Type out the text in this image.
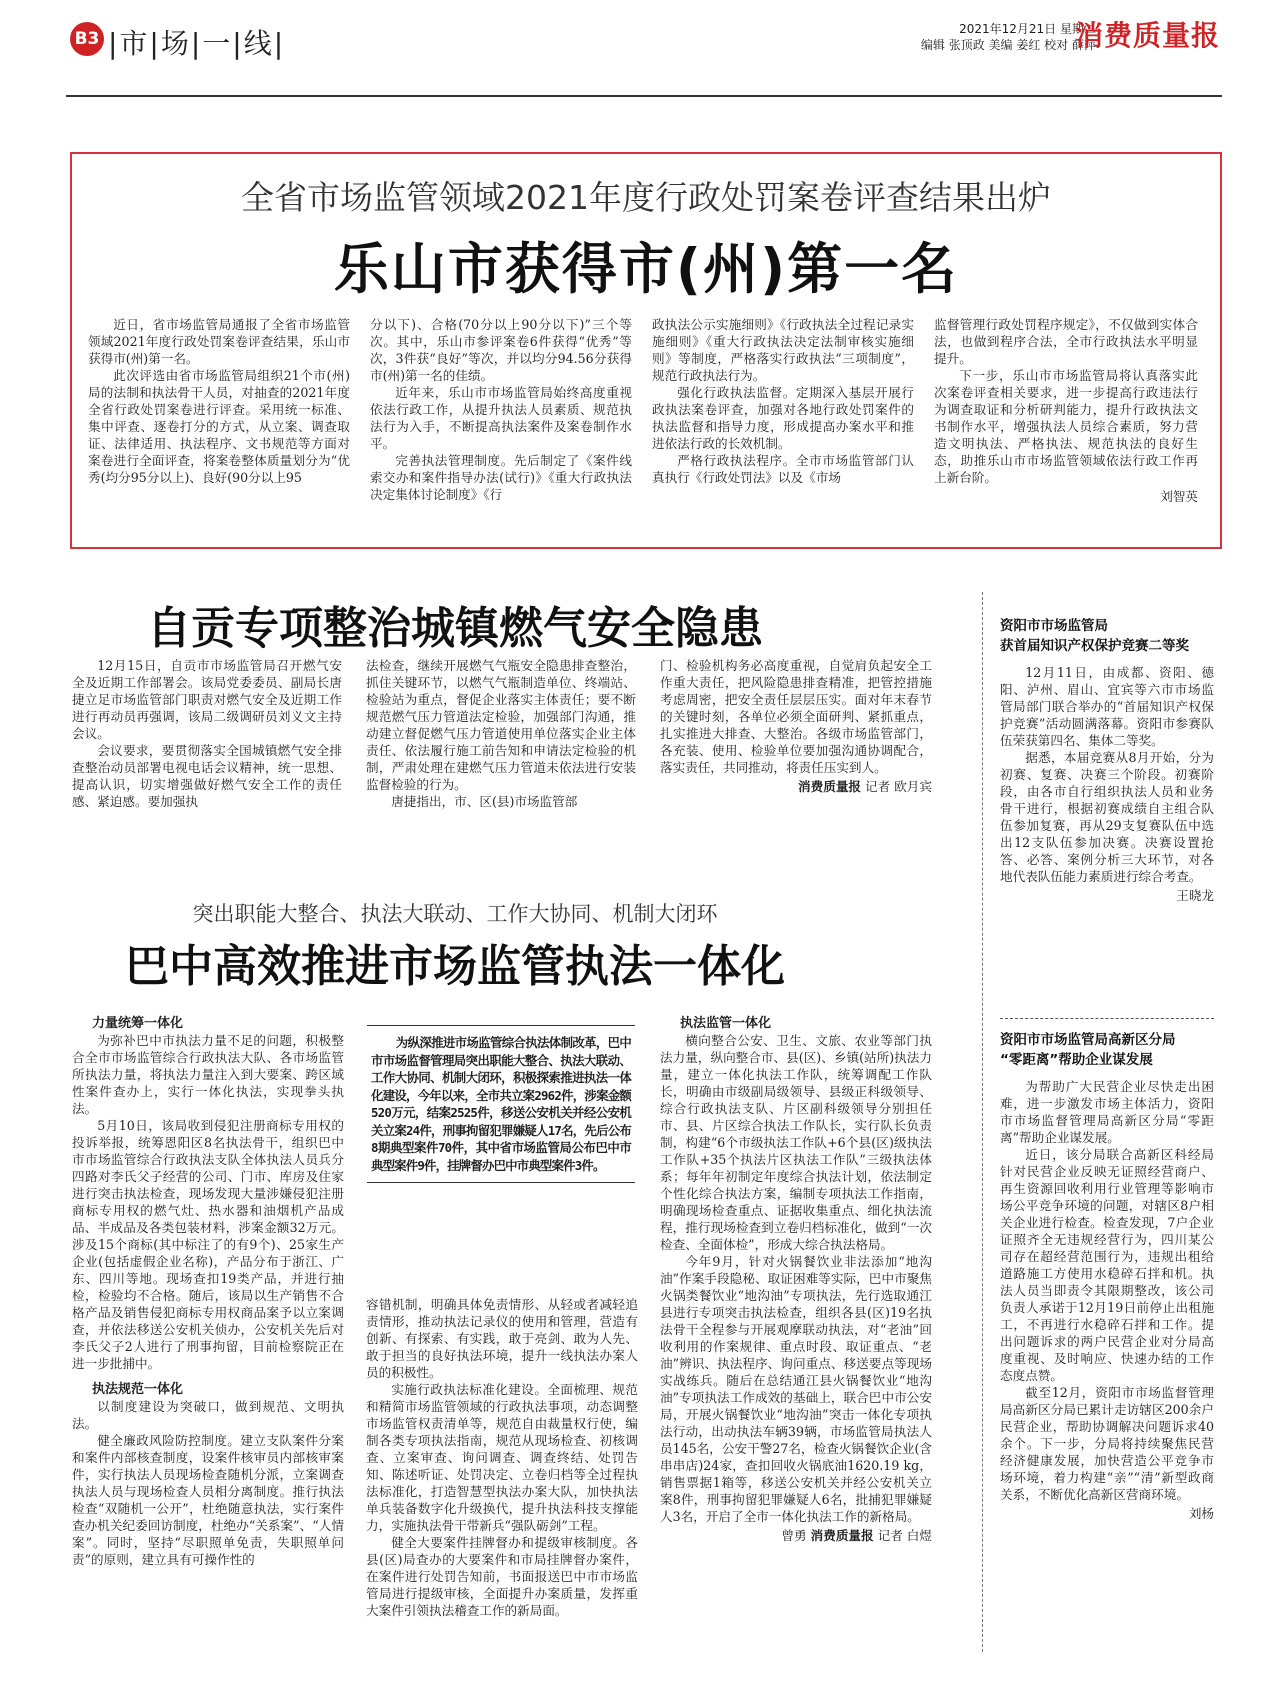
B3 |市|场|一|线|	2021年12月21日 星期二
编辑 张顶政 美编 姜红 校对 薛萍
消费质量报
全省市场监管领域2021年度行政处罚案卷评查结果出炉
乐山市获得市(州)第一名

近日，省市场监管局通报了全省市场监管领域2021年度行政处罚案卷评查结果，乐山市获得市(州)第一名。

此次评选由省市场监管局组织21个市(州)局的法制和执法骨干人员，对抽查的2021年度全省行政处罚案卷进行评查。采用统一标准、集中评查、逐卷打分的方式，从立案、调查取证、法律适用、执法程序、文书规范等方面对案卷进行全面评查，将案卷整体质量划分为“优秀(均分95分以上)、良好(90分以上95

分以下)、合格(70分以上90分以下)”三个等次。其中，乐山市参评案卷6件获得“优秀”等次，3件获“良好”等次，并以均分94.56分获得市(州)第一名的佳绩。

近年来，乐山市市场监管局始终高度重视依法行政工作，从提升执法人员素质、规范执法行为入手，不断提高执法案件及案卷制作水平。

完善执法管理制度。先后制定了《案件线索交办和案件指导办法(试行)》《重大行政执法决定集体讨论制度》《行

政执法公示实施细则》《行政执法全过程记录实施细则》《重大行政执法决定法制审核实施细则》等制度，严格落实行政执法“三项制度”，规范行政执法行为。

强化行政执法监督。定期深入基层开展行政执法案卷评查，加强对各地行政处罚案件的执法监督和指导力度，形成提高办案水平和推进依法行政的长效机制。

严格行政执法程序。全市市场监管部门认真执行《行政处罚法》以及《市场

监督管理行政处罚程序规定》，不仅做到实体合法，也做到程序合法，全市行政执法水平明显提升。

下一步，乐山市市场监管局将认真落实此次案卷评查相关要求，进一步提高行政违法行为调查取证和分析研判能力，提升行政执法文书制作水平，增强执法人员综合素质，努力营造文明执法、严格执法、规范执法的良好生态，助推乐山市市场监管领域依法行政工作再上新台阶。

刘智英

自贡专项整治城镇燃气安全隐患

12月15日，自贡市市场监管局召开燃气安全及近期工作部署会。该局党委委员、副局长唐捷立足市场监管部门职责对燃气安全及近期工作进行再动员再强调，该局二级调研员刘义文主持会议。

会议要求，要贯彻落实全国城镇燃气安全排查整治动员部署电视电话会议精神，统一思想、提高认识，切实增强做好燃气安全工作的责任感、紧迫感。要加强执

法检查，继续开展燃气气瓶安全隐患排查整治，抓住关键环节，以燃气气瓶制造单位、终端站、检验站为重点，督促企业落实主体责任；要不断规范燃气压力管道法定检验，加强部门沟通，推动建立督促燃气压力管道使用单位落实企业主体责任、依法履行施工前告知和申请法定检验的机制，严肃处理在建燃气压力管道未依法进行安装监督检验的行为。

唐捷指出，市、区(县)市场监管部

门、检验机构务必高度重视，自觉肩负起安全工作重大责任，把风险隐患排查精准，把管控措施考虑周密，把安全责任层层压实。面对年末春节的关键时刻，各单位必须全面研判、紧抓重点，扎实推进大排查、大整治。各级市场监管部门，各充装、使用、检验单位要加强沟通协调配合，落实责任，共同推动，将责任压实到人。

消费质量报 记者 欧月宾

突出职能大整合、执法大联动、工作大协同、机制大闭环
巴中高效推进市场监管执法一体化
力量统筹一体化

为弥补巴中市执法力量不足的问题，积极整合全市市场监管综合行政执法大队、各市场监管所执法力量，将执法力量注入到大要案、跨区域性案件查办上，实行一体化执法，实现拳头执法。

5月10日，该局收到侵犯注册商标专用权的投诉举报，统筹恩阳区8名执法骨干，组织巴中市市场监管综合行政执法支队全体执法人员兵分四路对李氏父子经营的公司、门市、库房及住家进行突击执法检查，现场发现大量涉嫌侵犯注册商标专用权的燃气灶、热水器和油烟机产品成品、半成品及各类包装材料，涉案金额32万元。涉及15个商标(其中标注了的有9个)、25家生产企业(包括虚假企业名称)，产品分布于浙江、广东、四川等地。现场查扣19类产品，并进行抽检，检验均不合格。随后，该局以生产销售不合格产品及销售侵犯商标专用权商品案予以立案调查，并依法移送公安机关侦办，公安机关先后对李氏父子2人进行了刑事拘留，目前检察院正在进一步批捕中。

执法规范一体化

以制度建设为突破口，做到规范、文明执法。

健全廉政风险防控制度。建立支队案件分案和案件内部核查制度，设案件核审员内部核审案件，实行执法人员现场检查随机分派，立案调查执法人员与现场检查人员相分离制度。推行执法检查“双随机一公开”，杜绝随意执法，实行案件查办机关纪委回访制度，杜绝办“关系案”、“人情案”。同时，坚持“尽职照单免责，失职照单问责”的原则，建立具有可操作性的

为纵深推进市场监管综合执法体制改革，巴中市市场监督管理局突出职能大整合、执法大联动、工作大协同、机制大闭环，积极探索推进执法一体化建设，今年以来，全市共立案2962件，涉案金额520万元，结案2525件，移送公安机关并经公安机关立案24件，刑事拘留犯罪嫌疑人17名，先后公布8期典型案件70件，其中省市场监管局公布巴中市典型案件9件，挂牌督办巴中市典型案件3件。

容错机制，明确具体免责情形、从轻或者减轻追责情形，推动执法记录仪的使用和管理，营造有创新、有探索、有实践，敢于亮剑、敢为人先、敢于担当的良好执法环境，提升一线执法办案人员的积极性。

实施行政执法标准化建设。全面梳理、规范和精简市场监管领域的行政执法事项，动态调整市场监管权责清单等，规范自由裁量权行使，编制各类专项执法指南，规范从现场检查、初核调查、立案审查、询问调查、调查终结、处罚告知、陈述听证、处罚决定、立卷归档等全过程执法标准化，打造智慧型执法办案大队，加快执法单兵装备数字化升级换代，提升执法科技支撑能力，实施执法骨干带新兵“强队砺剑”工程。

健全大要案件挂牌督办和提级审核制度。各县(区)局查办的大要案件和市局挂牌督办案件，在案件进行处罚告知前，书面报送巴中市市场监管局进行提级审核，全面提升办案质量，发挥重大案件引领执法稽查工作的新局面。

执法监管一体化

横向整合公安、卫生、文旅、农业等部门执法力量，纵向整合市、县(区)、乡镇(站所)执法力量，建立一体化执法工作队，统筹调配工作队长，明确由市级副局级领导、县级正科级领导、综合行政执法支队、片区副科级领导分别担任市、县、片区综合执法工作队长，实行队长负责制，构建“6个市级执法工作队+6个县(区)级执法工作队+35个执法片区执法工作队”三级执法体系；每年年初制定年度综合执法计划，依法制定个性化综合执法方案，编制专项执法工作指南，明确现场检查重点、证据收集重点、细化执法流程，推行现场检查到立卷归档标准化，做到“一次检查、全面体检”，形成大综合执法格局。

今年9月，针对火锅餐饮业非法添加“地沟油”作案手段隐秘、取证困难等实际，巴中市聚焦火锅类餐饮业“地沟油”专项执法，先行选取通江县进行专项突击执法检查，组织各县(区)19名执法骨干全程参与开展观摩联动执法，对“老油”回收利用的作案规律、重点时段、取证重点、“老油”辨识、执法程序、询问重点、移送要点等现场实战练兵。随后在总结通江县火锅餐饮业“地沟油”专项执法工作成效的基础上，联合巴中市公安局，开展火锅餐饮业“地沟油”突击一体化专项执法行动，出动执法车辆39辆，市场监管局执法人员145名，公安干警27名，检查火锅餐饮企业(含串串店)24家，查扣回收火锅底油1620.19 kg，销售票据1箱等，移送公安机关并经公安机关立案8件，刑事拘留犯罪嫌疑人6名，批捕犯罪嫌疑人3名，开启了全市一体化执法工作的新格局。

曾勇 消费质量报 记者 白煜

资阳市市场监管局
获首届知识产权保护竞赛二等奖

12月11日，由成都、资阳、德阳、泸州、眉山、宜宾等六市市场监管局部门联合举办的“首届知识产权保护竞赛”活动圆满落幕。资阳市参赛队伍荣获第四名、集体二等奖。

据悉，本届竞赛从8月开始，分为初赛、复赛、决赛三个阶段。初赛阶段，由各市自行组织执法人员和业务骨干进行，根据初赛成绩自主组合队伍参加复赛，再从29支复赛队伍中选出12支队伍参加决赛。决赛设置抢答、必答、案例分析三大环节，对各地代表队伍能力素质进行综合考查。

王晓龙

资阳市市场监管局高新区分局
“零距离”帮助企业谋发展

为帮助广大民营企业尽快走出困难，进一步激发市场主体活力，资阳市市场监督管理局高新区分局“零距离”帮助企业谋发展。

近日，该分局联合高新区科经局针对民营企业反映无证照经营商户、再生资源回收利用行业管理等影响市场公平竞争环境的问题，对辖区8户相关企业进行检查。检查发现，7户企业证照齐全无违规经营行为，四川某公司存在超经营范围行为，违规出租给道路施工方使用水稳碎石拌和机。执法人员当即责令其限期整改，该公司负责人承诺于12月19日前停止出租施工，不再进行水稳碎石拌和工作。提出问题诉求的两户民营企业对分局高度重视、及时响应、快速办结的工作态度点赞。

截至12月，资阳市市场监督管理局高新区分局已累计走访辖区200余户民营企业，帮助协调解决问题诉求40余个。下一步，分局将持续聚焦民营经济健康发展，加快营造公平竞争市场环境，着力构建“亲”“清”新型政商关系，不断优化高新区营商环境。

刘杨
